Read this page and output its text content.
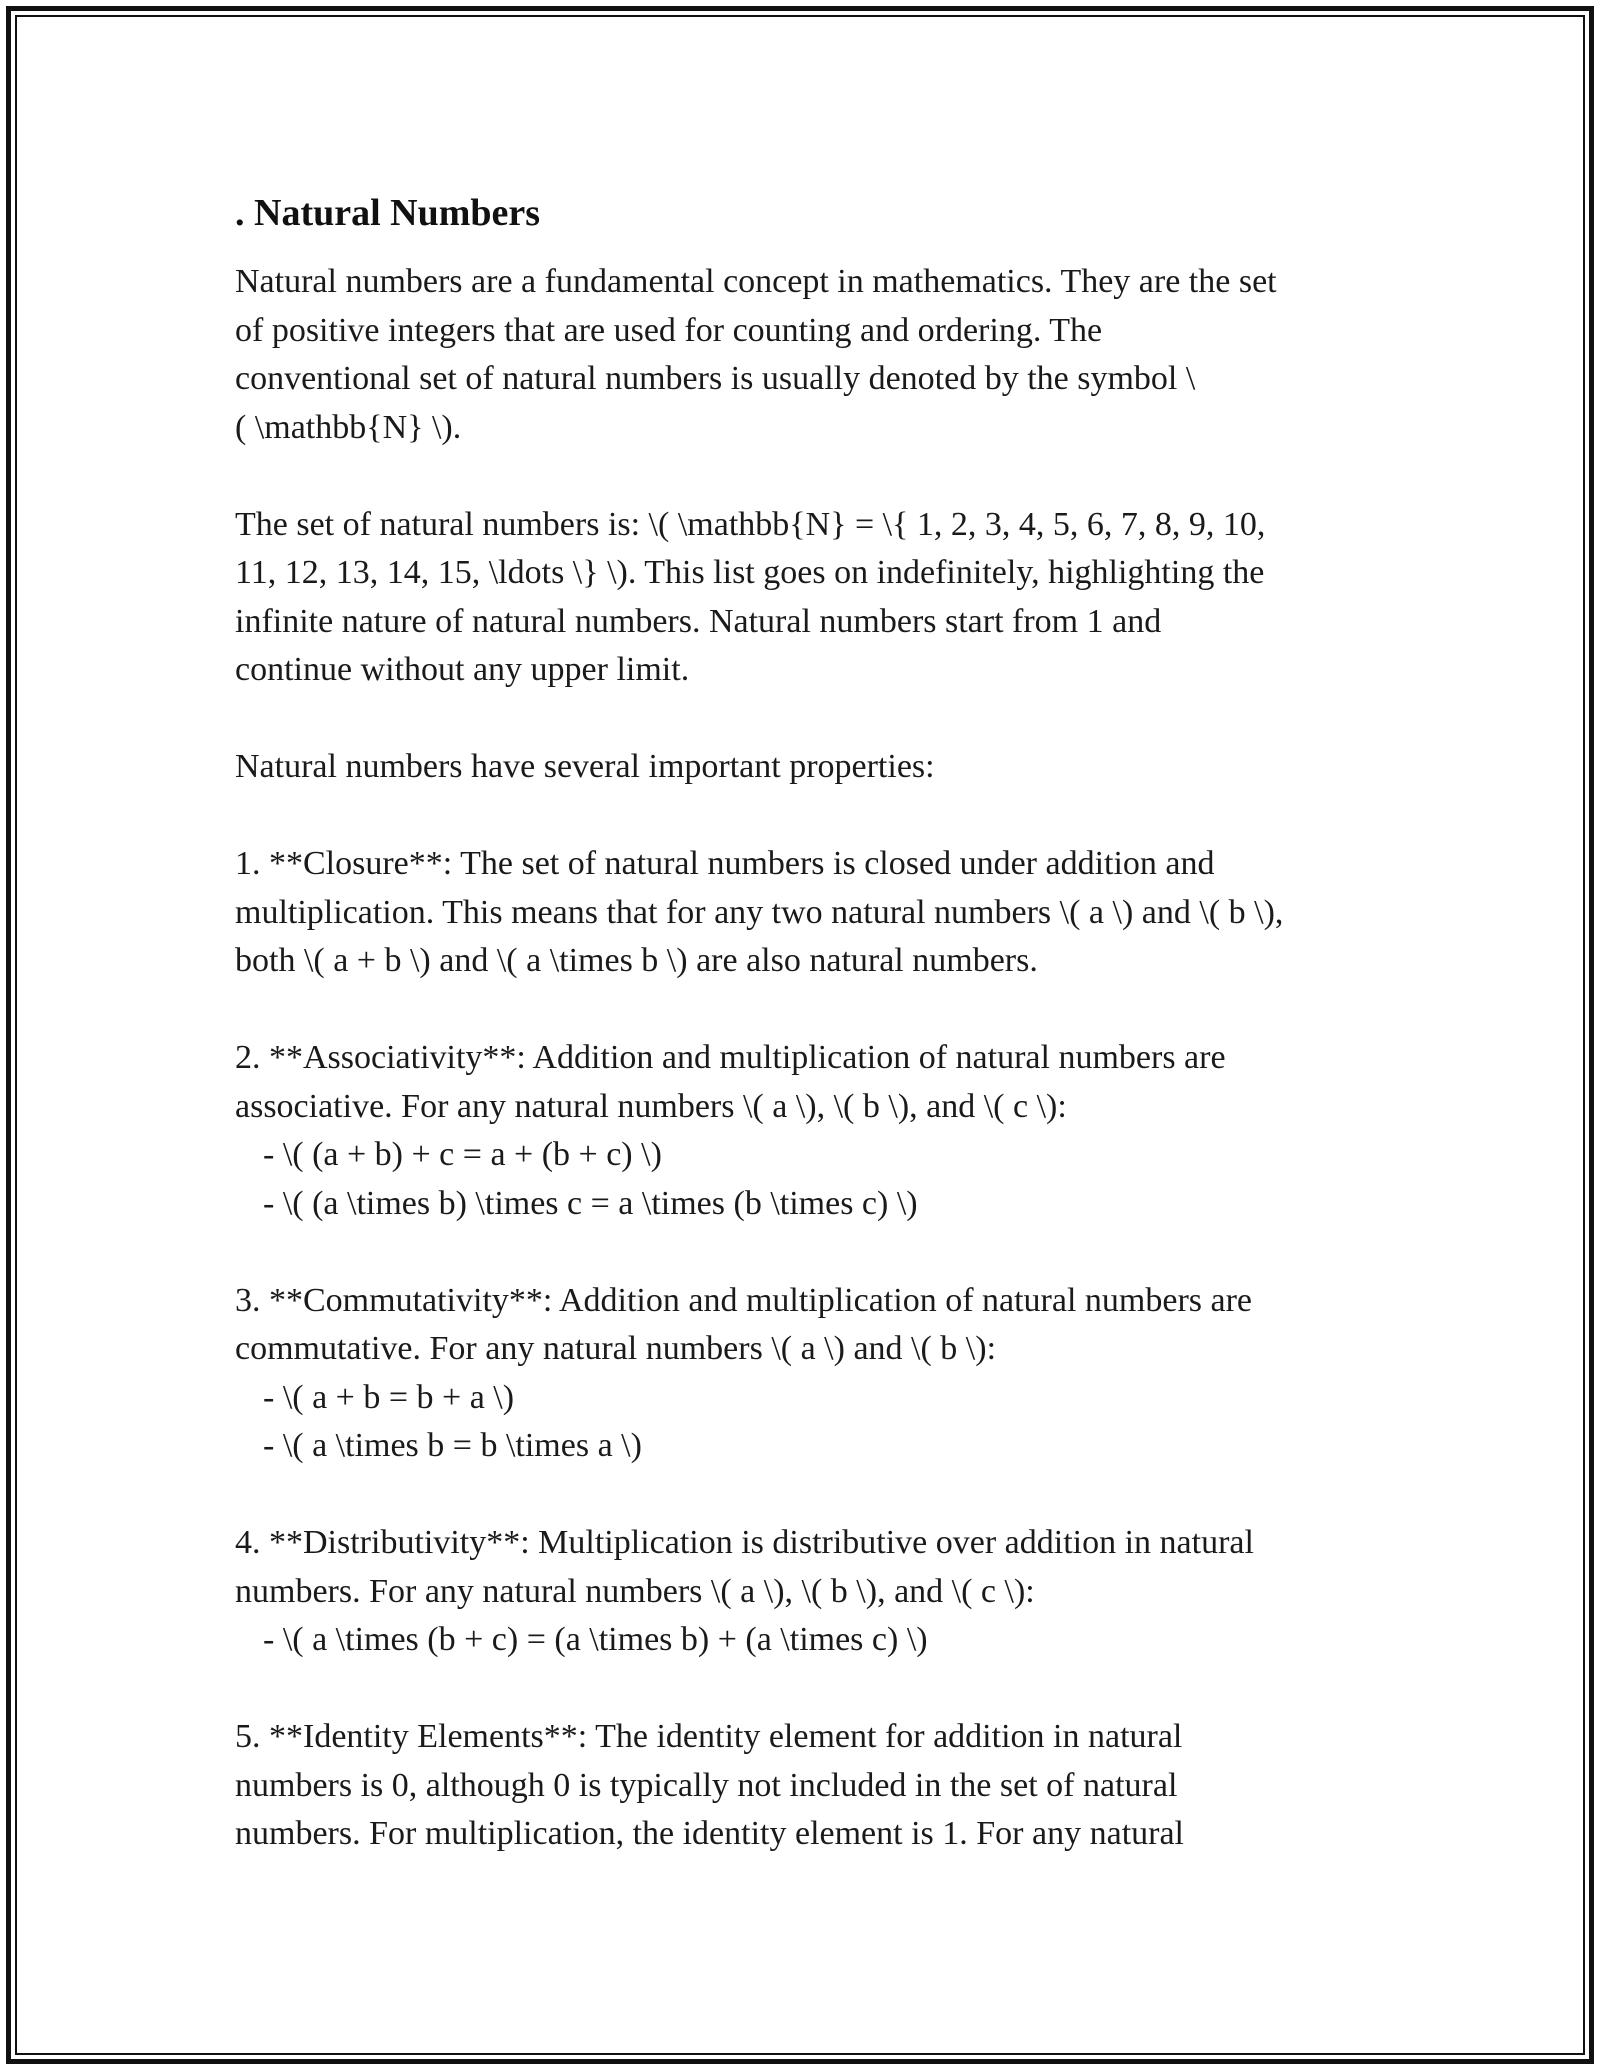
. Natural Numbers

Natural numbers are a fundamental concept in mathematics. They are the set
of positive integers that are used for counting and ordering. The
conventional set of natural numbers is usually denoted by the symbol \
( \mathbb{N} \).

The set of natural numbers is: \( \mathbb{N} = \{ 1, 2, 3, 4, 5, 6, 7, 8, 9, 10,
11, 12, 13, 14, 15, \ldots \} \). This list goes on indefinitely, highlighting the
infinite nature of natural numbers. Natural numbers start from 1 and
continue without any upper limit.

Natural numbers have several important properties:

1. **Closure**: The set of natural numbers is closed under addition and
multiplication. This means that for any two natural numbers \( a \) and \( b \),
both \( a + b \) and \( a \times b \) are also natural numbers.

2. **Associativity**: Addition and multiplication of natural numbers are
associative. For any natural numbers \( a \), \( b \), and \( c \):

- \( (a + b) + c = a + (b + c) \)

- \( (a \times b) \times c = a \times (b \times c) \)

3. **Commutativity**: Addition and multiplication of natural numbers are
commutative. For any natural numbers \( a \) and \( b \):

- \( a + b = b + a \)

- \( a \times b = b \times a \)

4. **Distributivity**: Multiplication is distributive over addition in natural
numbers. For any natural numbers \( a \), \( b \), and \( c \):

- \( a \times (b + c) = (a \times b) + (a \times c) \)

5. **Identity Elements**: The identity element for addition in natural
numbers is 0, although 0 is typically not included in the set of natural
numbers. For multiplication, the identity element is 1. For any natural
